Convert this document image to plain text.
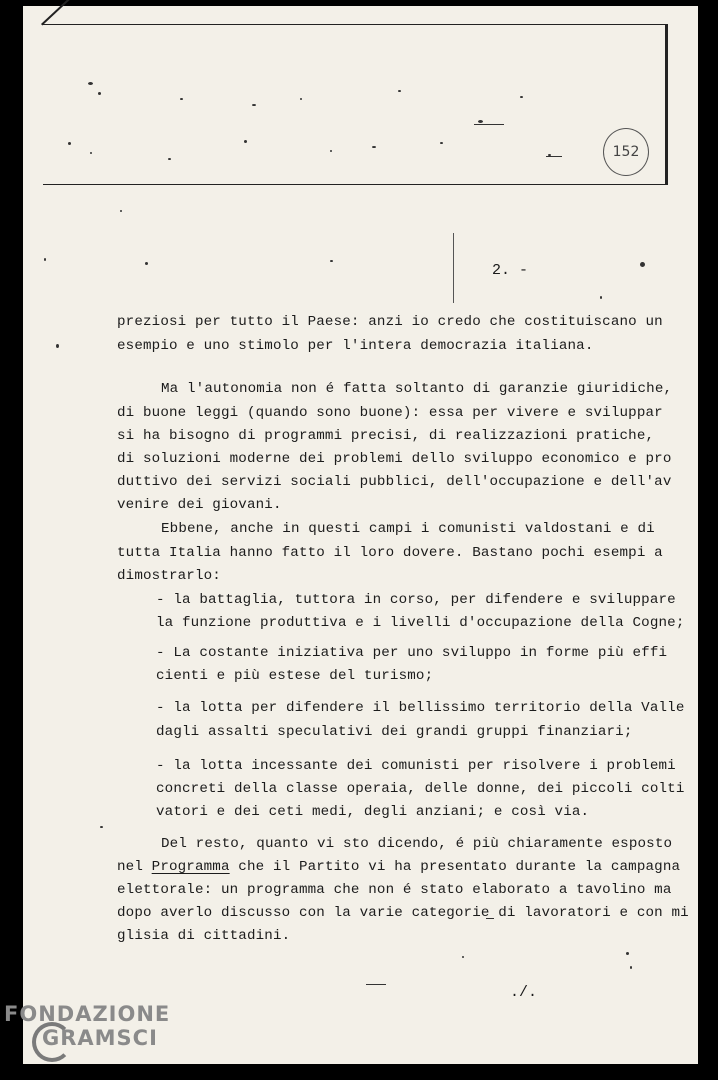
152
2. -
preziosi per tutto il Paese: anzi io credo che costituiscano un
esempio e uno stimolo per l'intera democrazia italiana.
Ma l'autonomia non é fatta soltanto di garanzie giuridiche,
di buone leggi (quando sono buone): essa per vivere e sviluppar
si ha bisogno di programmi precisi, di realizzazioni pratiche,
di soluzioni moderne dei problemi dello sviluppo economico e pro
duttivo dei servizi sociali pubblici, dell'occupazione e dell'av
venire dei giovani.
Ebbene, anche in questi campi i comunisti valdostani e di
tutta Italia hanno fatto il loro dovere. Bastano pochi esempi a
dimostrarlo:
- la battaglia, tuttora in corso, per difendere e sviluppare
la funzione produttiva e i livelli d'occupazione della Cogne;
- La costante iniziativa per uno sviluppo in forme più effi
cienti e più estese del turismo;
- la lotta per difendere il bellissimo territorio della Valle
dagli assalti speculativi dei grandi gruppi finanziari;
- la lotta incessante dei comunisti per risolvere i problemi
concreti della classe operaia, delle donne, dei piccoli colti
vatori e dei ceti medi, degli anziani; e così via.
Del resto, quanto vi sto dicendo, é più chiaramente esposto
nel Programma che il Partito vi ha presentato durante la campagna
elettorale: un programma che non é stato elaborato a tavolino ma
dopo averlo discusso con la varie categorie di lavoratori e con mi
glisia di cittadini.
./.
FONDAZIONE
GRAMSCI
